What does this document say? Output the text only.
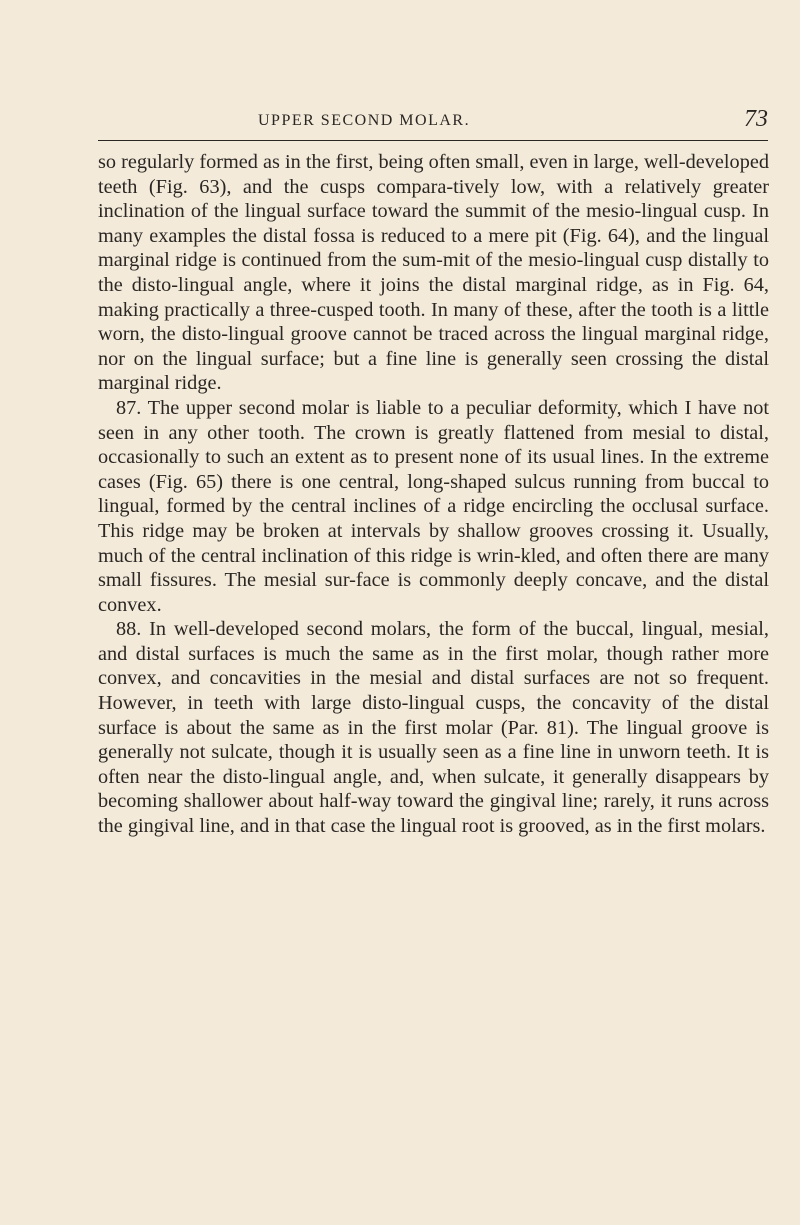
UPPER SECOND MOLAR.	73

so regularly formed as in the first, being often small, even in large, well-developed teeth (Fig. 63), and the cusps compara-tively low, with a relatively greater inclination of the lingual surface toward the summit of the mesio-lingual cusp. In many examples the distal fossa is reduced to a mere pit (Fig. 64), and the lingual marginal ridge is continued from the sum-mit of the mesio-lingual cusp distally to the disto-lingual angle, where it joins the distal marginal ridge, as in Fig. 64, making practically a three-cusped tooth. In many of these, after the tooth is a little worn, the disto-lingual groove cannot be traced across the lingual marginal ridge, nor on the lingual surface; but a fine line is generally seen crossing the distal marginal ridge.

87. The upper second molar is liable to a peculiar deformity, which I have not seen in any other tooth. The crown is greatly flattened from mesial to distal, occasionally to such an extent as to present none of its usual lines. In the extreme cases (Fig. 65) there is one central, long-shaped sulcus running from buccal to lingual, formed by the central inclines of a ridge encircling the occlusal surface. This ridge may be broken at intervals by shallow grooves crossing it. Usually, much of the central inclination of this ridge is wrin-kled, and often there are many small fissures. The mesial sur-face is commonly deeply concave, and the distal convex.

88. In well-developed second molars, the form of the buccal, lingual, mesial, and distal surfaces is much the same as in the first molar, though rather more convex, and concavities in the mesial and distal surfaces are not so frequent. However, in teeth with large disto-lingual cusps, the concavity of the distal surface is about the same as in the first molar (Par. 81). The lingual groove is generally not sulcate, though it is usually seen as a fine line in unworn teeth. It is often near the disto-lingual angle, and, when sulcate, it generally disappears by becoming shallower about half-way toward the gingival line; rarely, it runs across the gingival line, and in that case the lingual root is grooved, as in the first molars.
